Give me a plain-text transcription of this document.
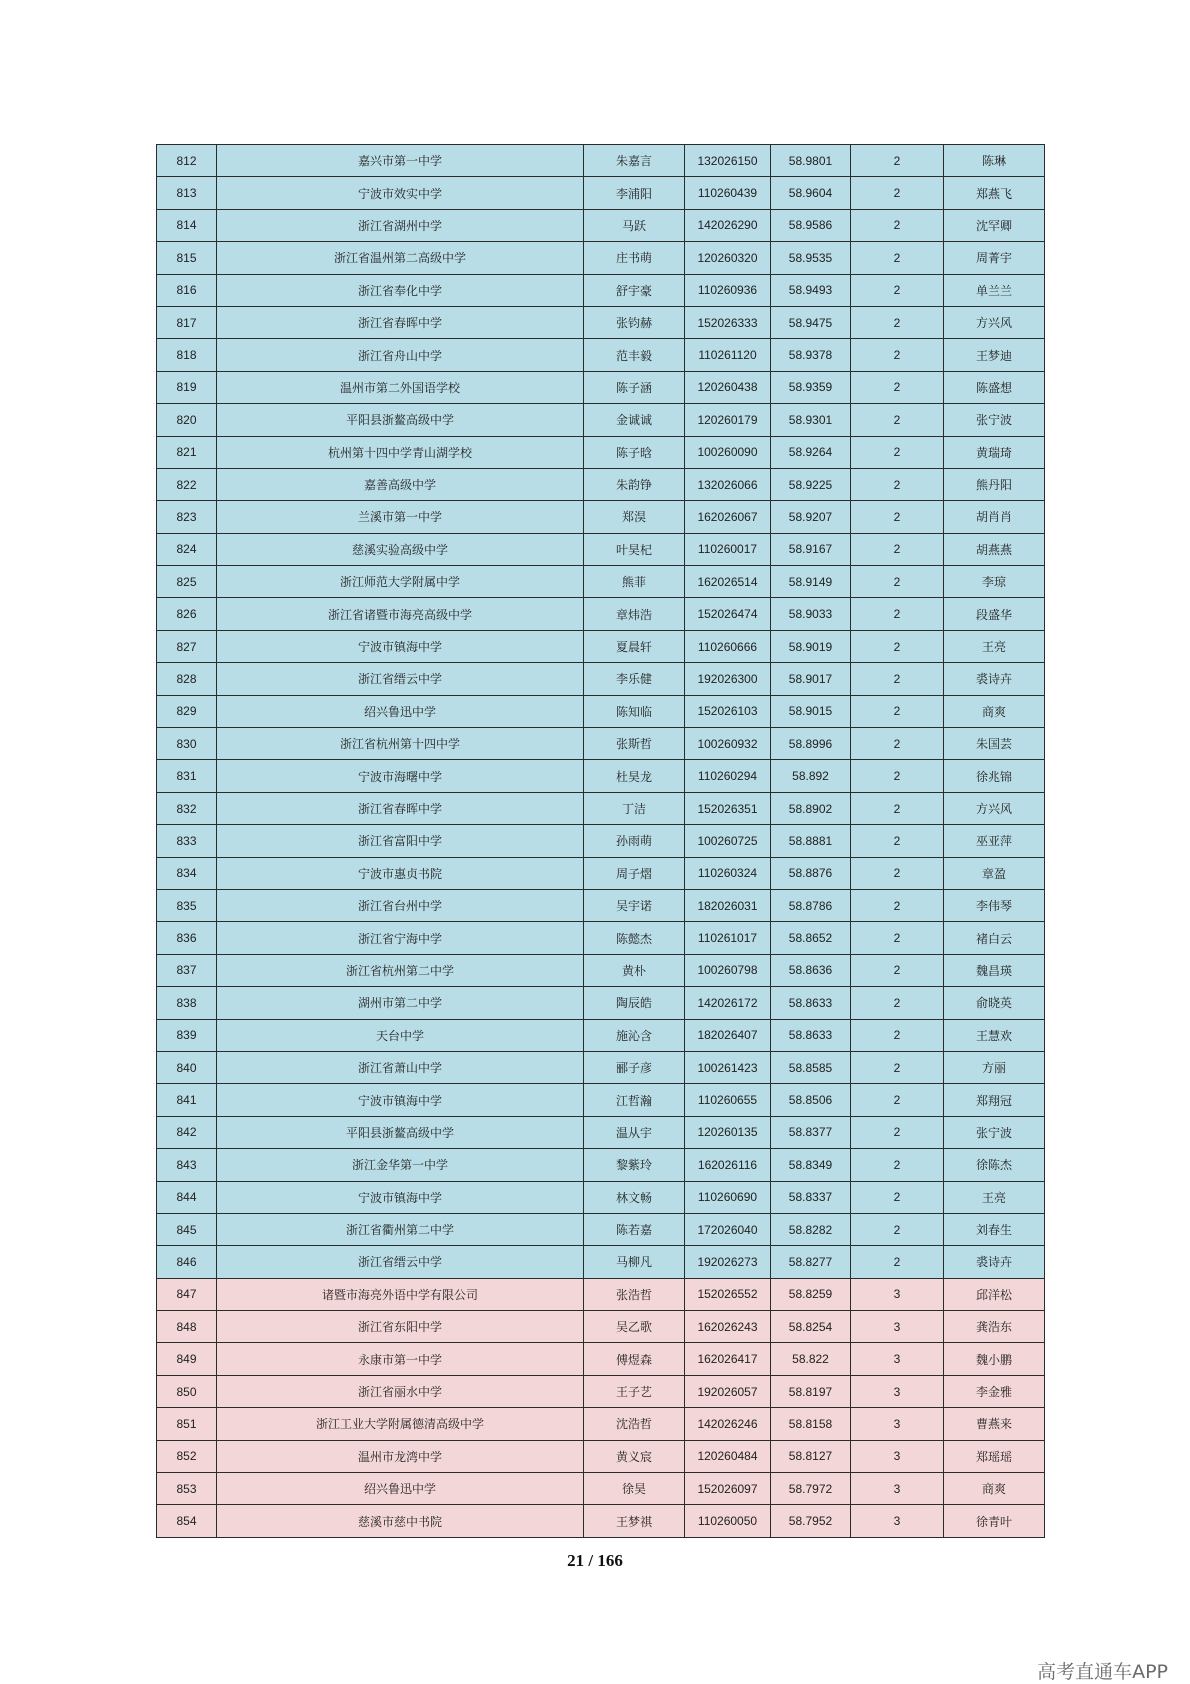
812	嘉兴市第一中学	朱嘉言	132026150	58.9801	2	陈琳
813	宁波市效实中学	李浦阳	110260439	58.9604	2	郑燕飞
814	浙江省湖州中学	马跃	142026290	58.9586	2	沈罕卿
815	浙江省温州第二高级中学	庄书萌	120260320	58.9535	2	周菁宇
816	浙江省奉化中学	舒宇豪	110260936	58.9493	2	单兰兰
817	浙江省春晖中学	张钧赫	152026333	58.9475	2	方兴风
818	浙江省舟山中学	范丰毅	110261120	58.9378	2	王梦迪
819	温州市第二外国语学校	陈子涵	120260438	58.9359	2	陈盛想
820	平阳县浙鳌高级中学	金诚诚	120260179	58.9301	2	张宁波
821	杭州第十四中学青山湖学校	陈子晗	100260090	58.9264	2	黄瑞琦
822	嘉善高级中学	朱韵铮	132026066	58.9225	2	熊丹阳
823	兰溪市第一中学	郑淏	162026067	58.9207	2	胡肖肖
824	慈溪实验高级中学	叶昊杞	110260017	58.9167	2	胡燕燕
825	浙江师范大学附属中学	熊菲	162026514	58.9149	2	李琼
826	浙江省诸暨市海亮高级中学	章炜浩	152026474	58.9033	2	段盛华
827	宁波市镇海中学	夏晨轩	110260666	58.9019	2	王亮
828	浙江省缙云中学	李乐健	192026300	58.9017	2	裘诗卉
829	绍兴鲁迅中学	陈知临	152026103	58.9015	2	商爽
830	浙江省杭州第十四中学	张斯哲	100260932	58.8996	2	朱国芸
831	宁波市海曙中学	杜昊龙	110260294	58.892	2	徐兆锦
832	浙江省春晖中学	丁洁	152026351	58.8902	2	方兴风
833	浙江省富阳中学	孙雨萌	100260725	58.8881	2	巫亚萍
834	宁波市惠贞书院	周子熠	110260324	58.8876	2	章盈
835	浙江省台州中学	吴宇诺	182026031	58.8786	2	李伟琴
836	浙江省宁海中学	陈懿杰	110261017	58.8652	2	褚白云
837	浙江省杭州第二中学	黄朴	100260798	58.8636	2	魏昌瑛
838	湖州市第二中学	陶辰皓	142026172	58.8633	2	俞晓英
839	天台中学	施沁含	182026407	58.8633	2	王慧欢
840	浙江省萧山中学	郦子彦	100261423	58.8585	2	方丽
841	宁波市镇海中学	江哲瀚	110260655	58.8506	2	郑翔冠
842	平阳县浙鳌高级中学	温从宇	120260135	58.8377	2	张宁波
843	浙江金华第一中学	黎紫玲	162026116	58.8349	2	徐陈杰
844	宁波市镇海中学	林文畅	110260690	58.8337	2	王亮
845	浙江省衢州第二中学	陈若嘉	172026040	58.8282	2	刘春生
846	浙江省缙云中学	马柳凡	192026273	58.8277	2	裘诗卉
847	诸暨市海亮外语中学有限公司	张浩哲	152026552	58.8259	3	邱洋松
848	浙江省东阳中学	吴乙歌	162026243	58.8254	3	龚浩东
849	永康市第一中学	傅煜森	162026417	58.822	3	魏小鹏
850	浙江省丽水中学	王子艺	192026057	58.8197	3	李金雅
851	浙江工业大学附属德清高级中学	沈浩哲	142026246	58.8158	3	曹燕来
852	温州市龙湾中学	黄义宸	120260484	58.8127	3	郑瑶瑶
853	绍兴鲁迅中学	徐昊	152026097	58.7972	3	商爽
854	慈溪市慈中书院	王梦祺	110260050	58.7952	3	徐青叶
21 / 166
高考直通车APP
